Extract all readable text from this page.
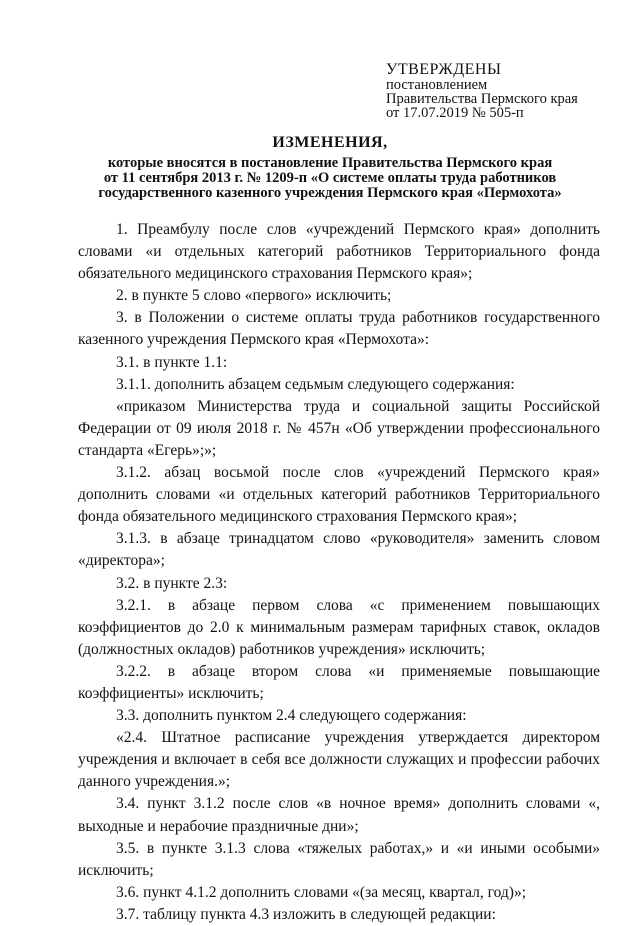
УТВЕРЖДЕНЫ
постановлением
Правительства Пермского края
от 17.07.2019 № 505-п
ИЗМЕНЕНИЯ,
которые вносятся в постановление Правительства Пермского края
от 11 сентября 2013 г. № 1209-п «О системе оплаты труда работников
государственного казенного учреждения Пермского края «Пермохота»

1. Преамбулу после слов «учреждений Пермского края» дополнить словами «и отдельных категорий работников Территориального фонда обязательного медицинского страхования Пермского края»;

2. в пункте 5 слово «первого» исключить;

3. в Положении о системе оплаты труда работников государственного казенного учреждения Пермского края «Пермохота»:

3.1. в пункте 1.1:

3.1.1. дополнить абзацем седьмым следующего содержания:

«приказом Министерства труда и социальной защиты Российской Федерации от 09 июля 2018 г. № 457н «Об утверждении профессионального стандарта «Егерь»;»;

3.1.2. абзац восьмой после слов «учреждений Пермского края» дополнить словами «и отдельных категорий работников Территориального фонда обязательного медицинского страхования Пермского края»;

3.1.3. в абзаце тринадцатом слово «руководителя» заменить словом «директора»;

3.2. в пункте 2.3:

3.2.1. в абзаце первом слова «с применением повышающих коэффициентов до 2.0 к минимальным размерам тарифных ставок, окладов (должностных окладов) работников учреждения» исключить;

3.2.2. в абзаце втором слова «и применяемые повышающие коэффициенты» исключить;

3.3. дополнить пунктом 2.4 следующего содержания:

«2.4. Штатное расписание учреждения утверждается директором учреждения и включает в себя все должности служащих и профессии рабочих данного учреждения.»;

3.4. пункт 3.1.2 после слов «в ночное время» дополнить словами «, выходные и нерабочие праздничные дни»;

3.5. в пункте 3.1.3 слова «тяжелых работах,» и «и иными особыми» исключить;

3.6. пункт 4.1.2 дополнить словами «(за месяц, квартал, год)»;

3.7. таблицу пункта 4.3 изложить в следующей редакции:
